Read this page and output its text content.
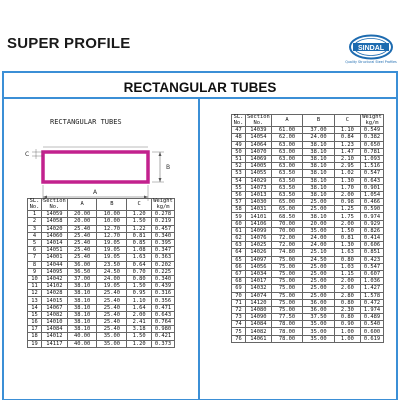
SUPER PROFILE	SINDAL
Quality Structural Steel Profiles
RECTANGULAR TUBES
RECTANGULAR TUBES
A
B
C
SL. No.	Section No.	A	B	C	Weight kg/m
1	14059	20.00	10.00	1.20	0.278
2	14058	20.00	10.00	1.50	0.219
3	14020	25.40	12.70	1.22	0.457
4	14060	25.40	12.70	0.81	0.340
5	14014	25.40	19.05	0.85	0.395
6	14051	25.40	19.05	1.08	0.347
7	14001	25.40	19.05	1.63	0.363
8	14044	36.00	23.50	0.64	0.202
9	14095	36.50	24.50	0.70	0.225
10	14042	37.00	24.00	0.80	0.340
11	14102	38.10	19.05	1.50	0.439
12	14028	38.10	25.40	0.95	0.316
13	14015	38.10	25.40	1.10	0.356
14	14067	38.10	25.40	1.64	0.471
15	14082	38.10	25.40	2.00	0.643
16	14010	38.10	25.40	2.41	0.764
17	14084	38.10	25.40	3.18	0.980
18	14012	40.00	35.00	1.50	0.421
19	14117	40.00	35.00	1.20	0.373
SL. No.	Section No.	A	B	C	Weight kg/m
47	14039	61.00	37.00	1.10	0.549
48	14054	62.00	24.00	0.84	0.382
49	14064	63.00	38.10	1.23	0.650
50	14070	63.00	38.10	1.47	0.781
51	14069	63.00	38.10	2.10	1.093
52	14005	63.00	38.10	2.95	1.516
53	14055	63.50	38.10	1.02	0.547
54	14029	63.50	38.10	1.30	0.643
55	14073	63.50	38.10	1.70	0.901
56	14013	63.50	38.10	2.00	1.054
57	14030	65.00	25.00	0.98	0.466
58	14031	65.00	25.00	1.25	0.590
59	14101	68.50	38.10	1.75	0.974
60	14106	70.00	20.00	2.00	0.929
61	14099	70.00	35.00	1.50	0.826
62	14076	72.00	24.00	0.81	0.414
63	14025	72.00	24.00	1.30	0.606
64	14026	74.80	25.10	1.63	0.851
65	14097	75.00	24.50	0.80	0.423
66	14056	75.00	25.00	1.03	0.547
67	14034	75.00	25.00	1.15	0.607
68	14017	75.00	25.00	2.00	1.036
69	14032	75.00	25.00	2.60	1.427
70	14074	75.00	25.00	2.80	1.578
71	14120	75.00	36.00	0.80	0.472
72	14080	75.00	36.00	2.30	1.974
73	14090	77.50	37.50	0.80	0.489
74	14084	78.00	35.00	0.90	0.540
75	14082	78.00	35.00	1.00	0.600
76	14061	78.00	35.00	1.00	0.619
